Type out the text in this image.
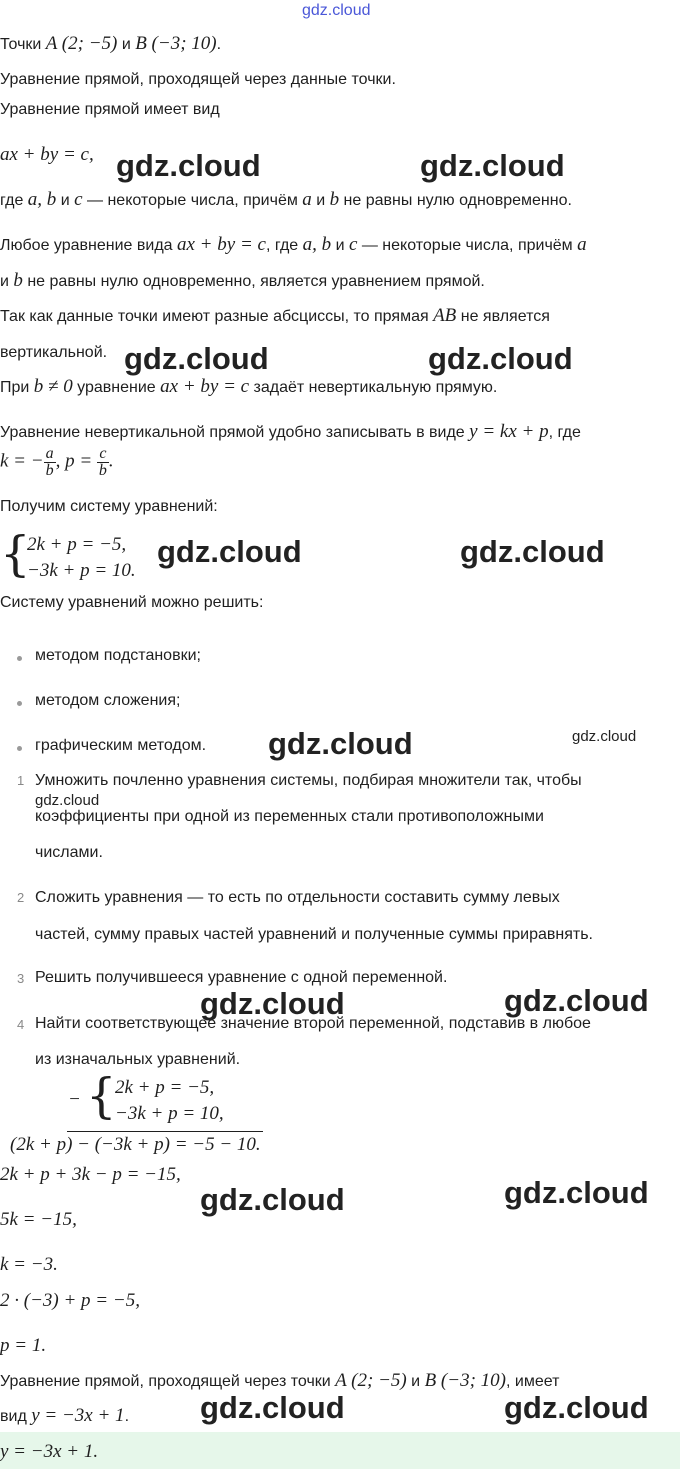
gdz.cloud
Точки A (2; −5) и B (−3; 10).
Уравнение прямой, проходящей через данные точки.
Уравнение прямой имеет вид
ax + by = c,
где a, b и c — некоторые числа, причём a и b не равны нулю одновременно.
Любое уравнение вида ax + by = c, где a, b и c — некоторые числа, причём a
и b не равны нулю одновременно, является уравнением прямой.
Так как данные точки имеют разные абсциссы, то прямая AB не является
вертикальной.
При b ≠ 0 уравнение ax + by = c задаёт невертикальную прямую.
Уравнение невертикальной прямой удобно записывать в виде y = kx + p, где
k = − $\frac{a}{b}$ , $p = \frac{c}{b}$ .
Получим систему уравнений:
{
2k + p = −5,
−3k + p = 10.
Систему уравнений можно решить:
методом подстановки;
методом сложения;
графическим методом.
1 Умножить почленно уравнения системы, подбирая множители так, чтобы
коэффициенты при одной из переменных стали противоположными
числами.
2 Сложить уравнения — то есть по отдельности составить сумму левых
частей, сумму правых частей уравнений и полученные суммы приравнять.
3 Решить получившееся уравнение с одной переменной.
4 Найти соответствующее значение второй переменной, подставив в любое
из изначальных уравнений.
− {
2k + p = −5,
−3k + p = 10,
(2k + p) − (−3k + p) = −5 − 10.
2k + p + 3k − p = −15,
5k = −15,
k = −3.
2 · (−3) + p = −5,
p = 1.
Уравнение прямой, проходящей через точки A (2; −5) и B (−3; 10), имеет
вид y = −3x + 1.
y = −3x + 1.
gdz.cloud	gdz.cloud
gdz.cloud	gdz.cloud
gdz.cloud	gdz.cloud
gdz.cloud	gdz.cloud
gdz.cloud
gdz.cloud	gdz.cloud
gdz.cloud	gdz.cloud
gdz.cloud	gdz.cloud
